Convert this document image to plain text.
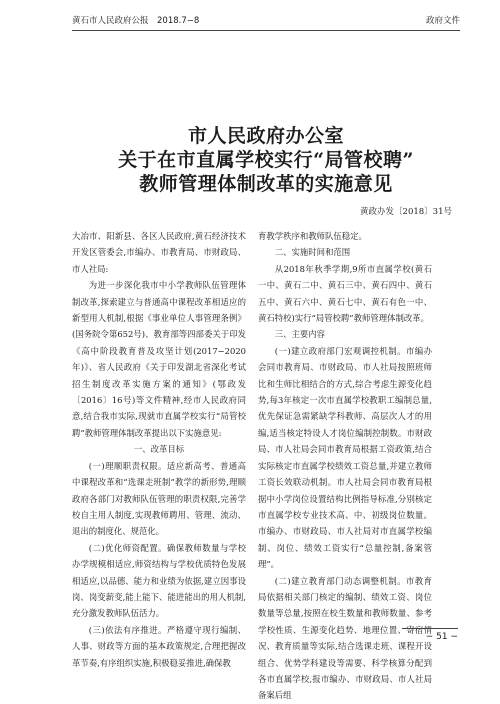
黄石市人民政府公报　2018.7−8	政府文件
市人民政府办公室
关于在市直属学校实行“局管校聘”
教师管理体制改革的实施意见
黄政办发〔2018〕31号

大冶市、阳新县、各区人民政府,黄石经济技术开发区管委会,市编办、市教育局、市财政局、市人社局:

为进一步深化我市中小学教师队伍管理体制改革,探索建立与普通高中课程改革相适应的新型用人机制,根据《事业单位人事管理条例》(国务院令第652号)、教育部等四部委关于印发《高中阶段教育普及攻坚计划(2017−2020年)》、省人民政府《关于印发湖北省深化考试招生制度改革实施方案的通知》(鄂政发〔2016〕16号)等文件精神,经市人民政府同意,结合我市实际,现就市直属学校实行“局管校聘”教师管理体制改革提出以下实施意见:

一、改革目标

(一)理顺职责权限。适应新高考、普通高中课程改革和“选课走班制”教学的新形势,理顺政府各部门对教师队伍管理的职责权限,完善学校自主用人制度,实现教师聘用、管理、流动、退出的制度化、规范化。

(二)优化师资配置。确保教师数量与学校办学规模相适应,师资结构与学校优质特色发展相适应,以品德、能力和业绩为依据,建立因事设岗、岗变薪变,能上能下、能进能出的用人机制,充分激发教师队伍活力。

(三)依法有序推进。严格遵守现行编制、人事、财政等方面的基本政策规定,合理把握改革节奏,有序组织实施,积极稳妥推进,确保教

育教学秩序和教师队伍稳定。

二、实施时间和范围

从2018年秋季学期,9所市直属学校(黄石一中、黄石二中、黄石三中、黄石四中、黄石五中、黄石六中、黄石七中、黄石有色一中、黄石特校)实行“局管校聘”教师管理体制改革。

三、主要内容

(一)建立政府部门宏观调控机制。市编办会同市教育局、市财政局、市人社局按照班师比和生师比相结合的方式,综合考虑生源变化趋势,每3年核定一次市直属学校教职工编制总量,优先保证急需紧缺学科教师、高层次人才的用编,适当核定特设人才岗位编制控制数。市财政局、市人社局会同市教育局根据工资政策,结合实际核定市直属学校绩效工资总量,并建立教师工资长效联动机制。市人社局会同市教育局根据中小学岗位设置结构比例指导标准,分别核定市直属学校专业技术高、中、初级岗位数量。市编办、市财政局、市人社局对市直属学校编制、岗位、绩效工资实行“总量控制,备案管理”。

(二)建立教育部门动态调整机制。市教育局依据相关部门核定的编制、绩效工资、岗位数量等总量,按照在校生数量和教师数量、参考学校性质、生源变化趋势、地理位置、寄宿情况、教育质量等实际,结合选课走班、课程开设组合、优势学科建设等需要、科学核算分配到各市直属学校,报市编办、市财政局、市人社局备案后组

− 51 −
